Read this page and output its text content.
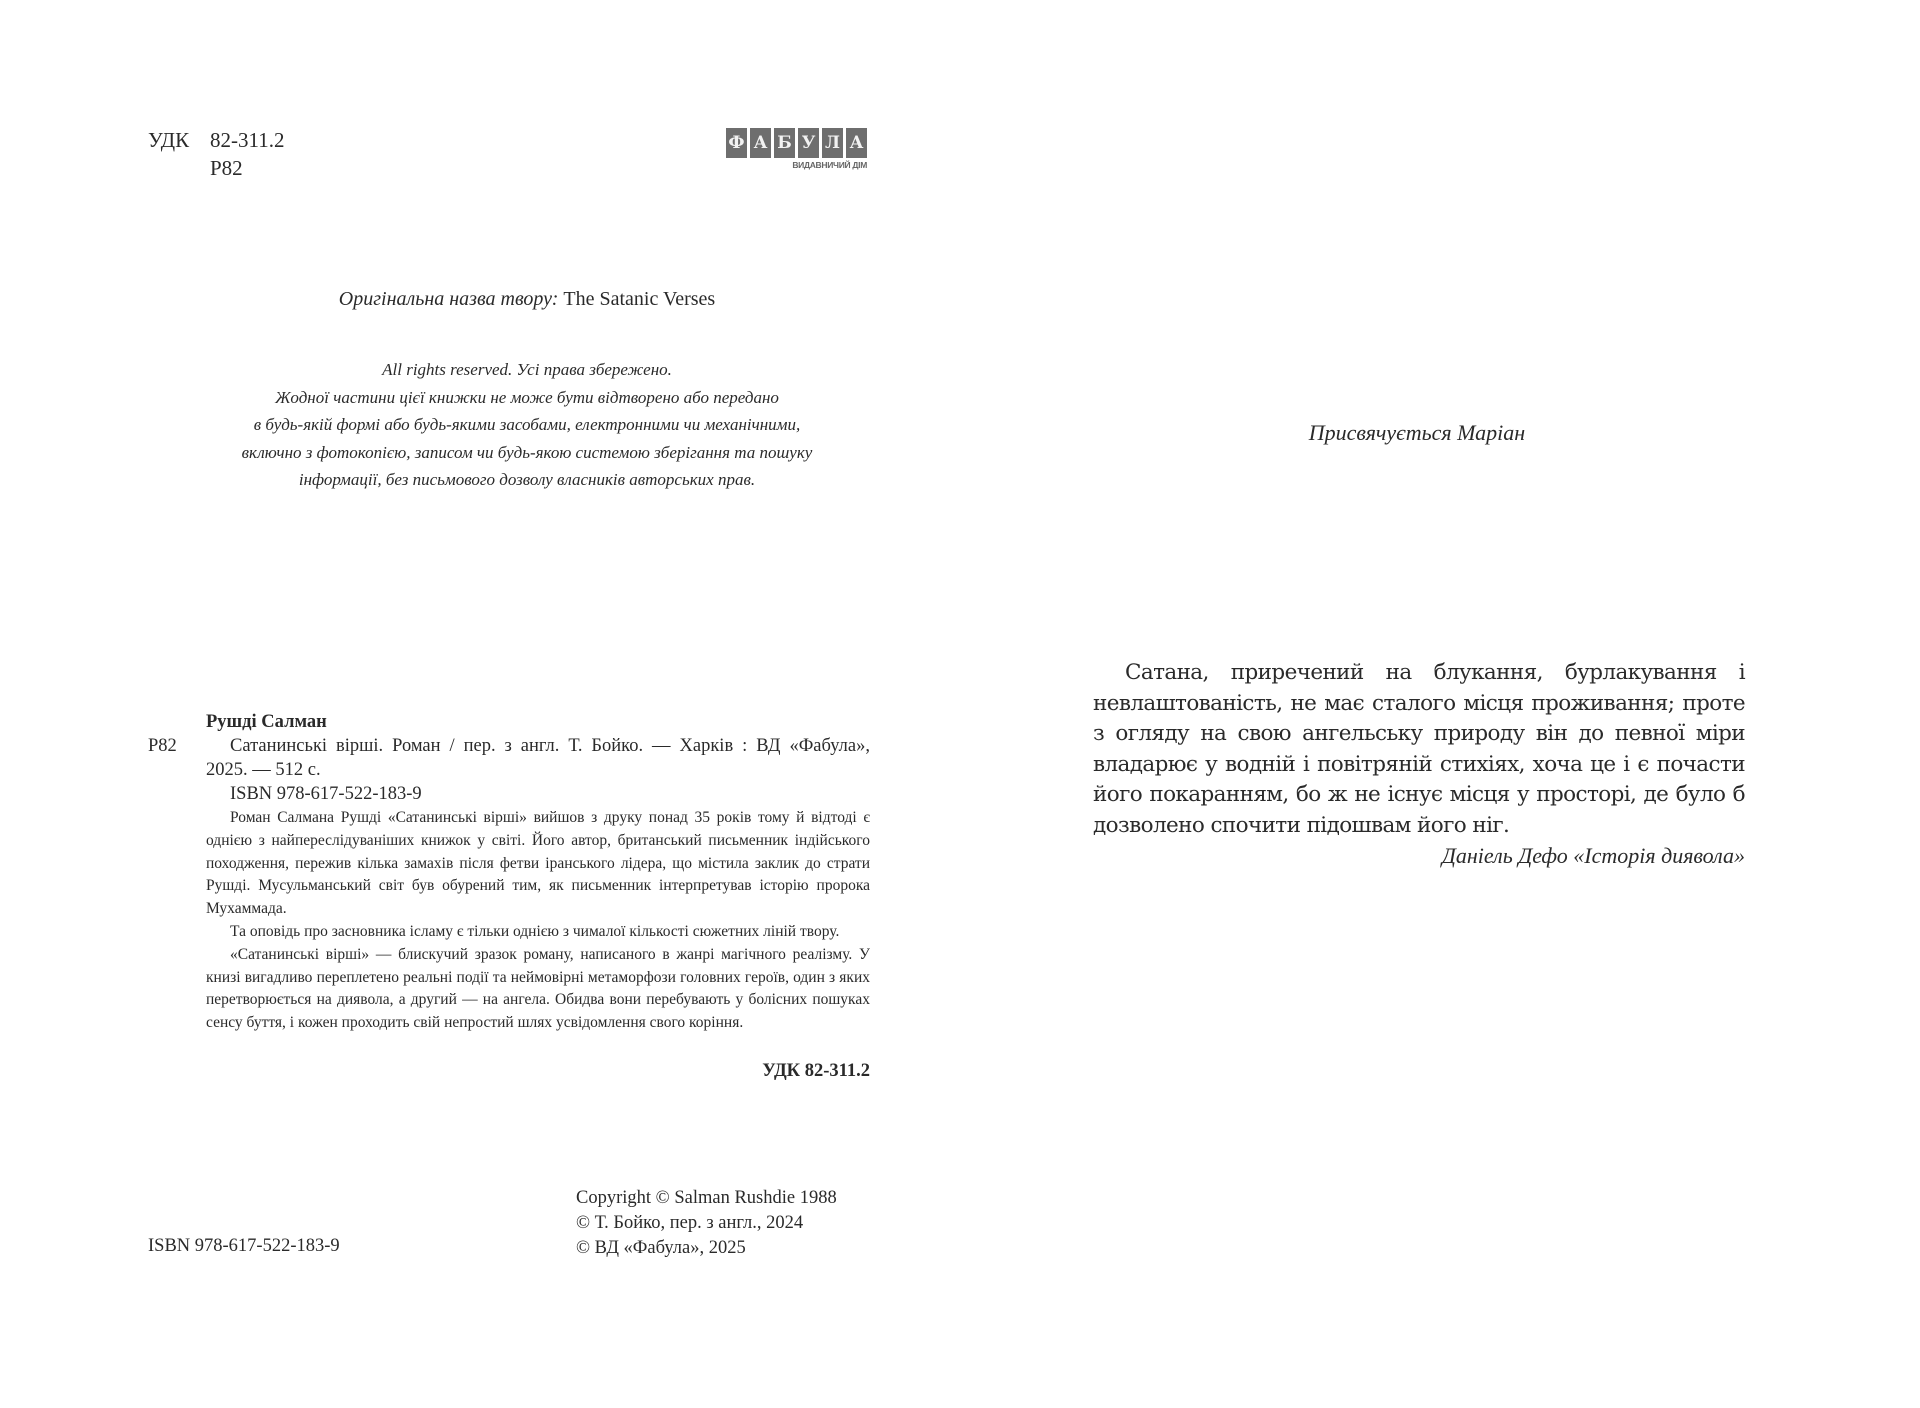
УДК 82-311.2
Р82
Ф А Б У Л А
ВИДАВНИЧИЙ ДІМ
Оригінальна назва твору: The Satanic Verses
All rights reserved. Усі права збережено.
Жодної частини цієї книжки не може бути відтворено або передано
в будь-якій формі або будь-якими засобами, електронними чи механічними,
включно з фотокопією, записом чи будь-якою системою зберігання та пошуку
інформації, без письмового дозволу власників авторських прав.
Рушді Салман
Р82	Сатанинські вірші. Роман / пер. з англ. Т. Бойко. — Харків : ВД «Фабула»,
2025. — 512 с.
ISBN 978-617-522-183-9

Роман Салмана Рушді «Сатанинські вірші» вийшов з друку понад 35 років тому й відтоді є однією з найпереслідуваніших книжок у світі. Його автор, британський письменник індійського походження, пережив кілька замахів після фетви іранського лідера, що містила заклик до страти Рушді. Мусульманський світ був обурений тим, як письменник інтерпретував історію пророка Мухаммада.

Та оповідь про засновника ісламу є тільки однією з чималої кількості сюжетних ліній твору.

«Сатанинські вірші» — блискучий зразок роману, написаного в жанрі магічного реалізму. У книзі вигадливо переплетено реальні події та неймовірні метаморфози головних героїв, один з яких перетворюється на диявола, а другий — на ангела. Обидва вони перебувають у болісних пошуках сенсу буття, і кожен проходить свій непростий шлях усвідомлення свого коріння.

УДК 82-311.2
Copyright © Salman Rushdie 1988
© Т. Бойко, пер. з англ., 2024
© ВД «Фабула», 2025
ISBN 978-617-522-183-9
Присвячується Маріан

Сатана, приречений на блукання, бурлакування і невлаштованість, не має сталого місця проживання; проте з огляду на свою ангельську природу він до певної міри владарює у водній і повітряній стихіях, хоча це і є почасти його покаранням, бо ж не існує місця у просторі, де було б дозволено спочити підошвам його ніг.

Даніель Дефо «Історія диявола»
